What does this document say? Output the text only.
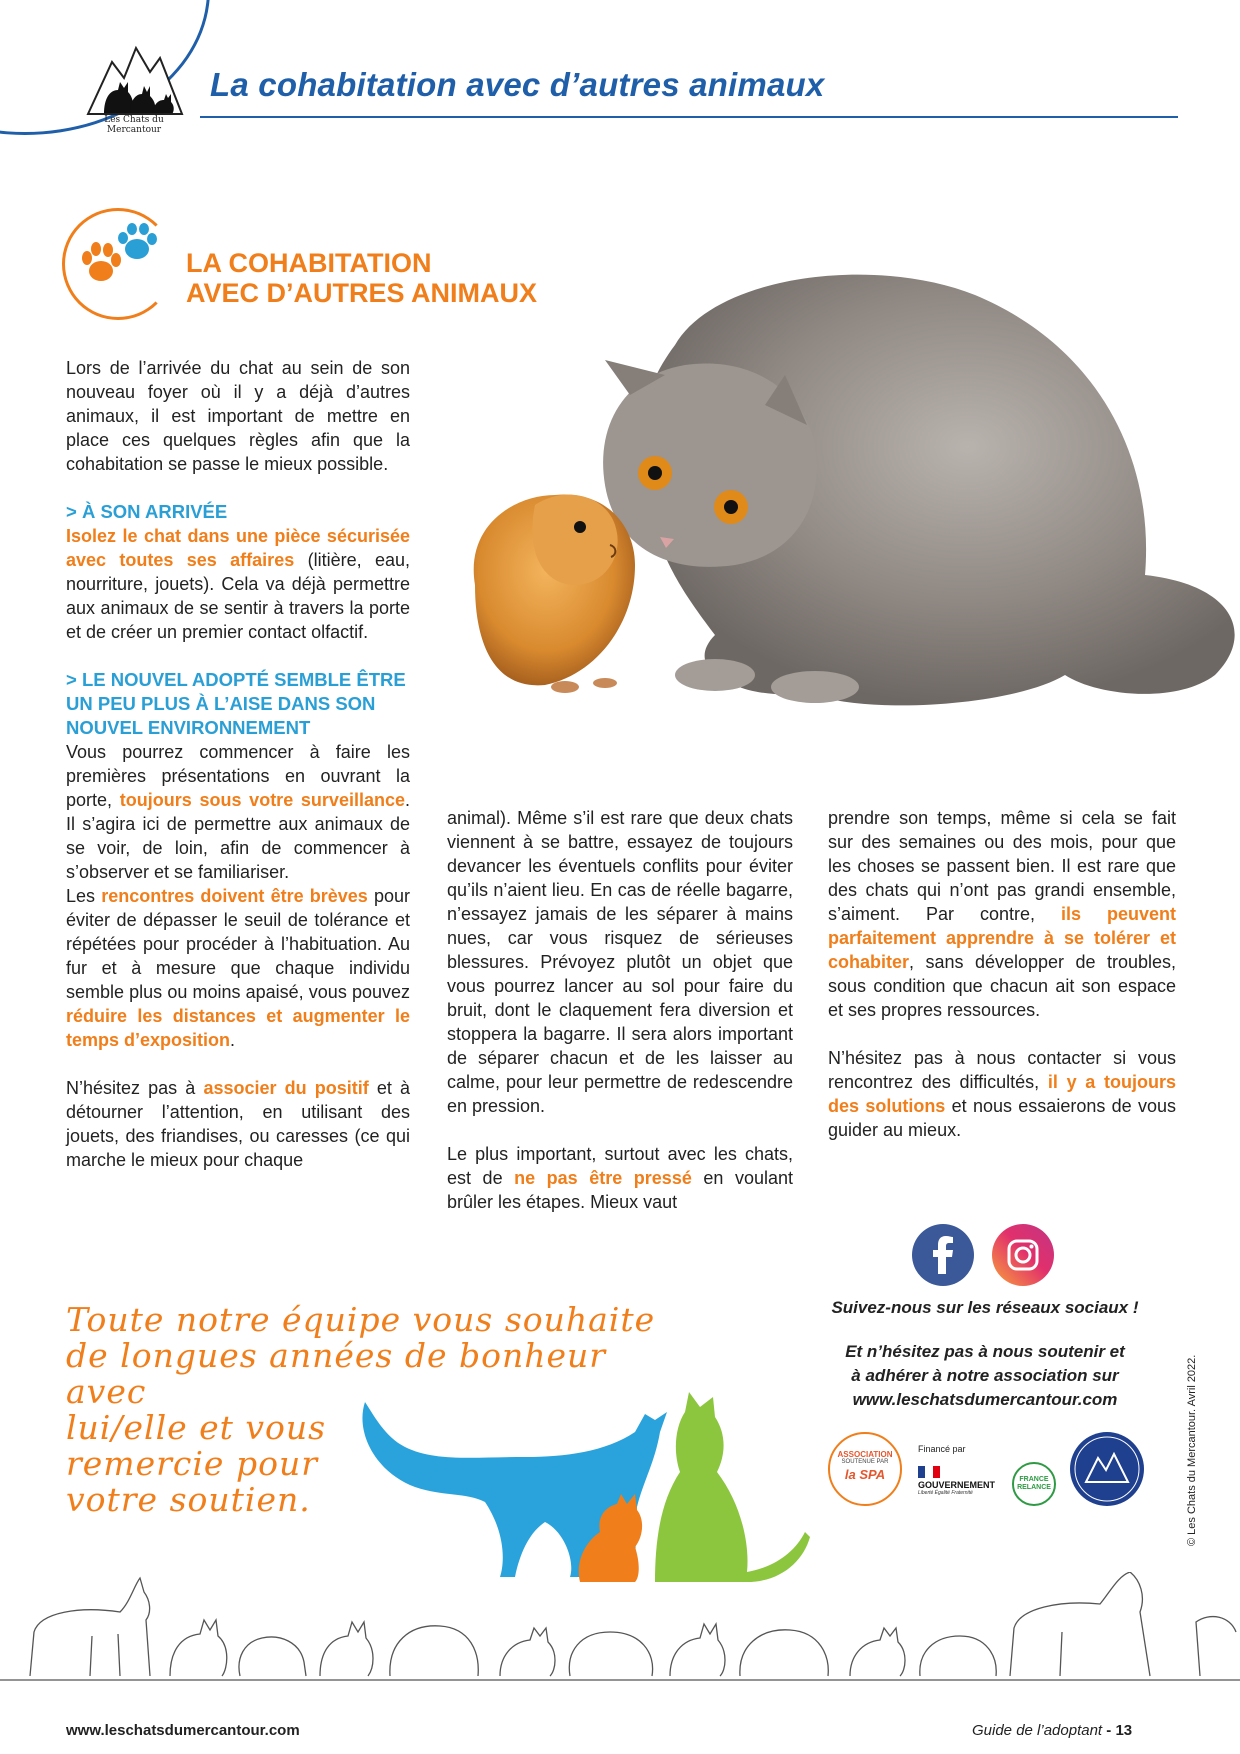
Les Chats du Mercantour
La cohabitation avec d’autres animaux
LA COHABITATION
AVEC D’AUTRES ANIMAUX

Lors de l’arrivée du chat au sein de son nouveau foyer où il y a déjà d’autres animaux, il est important de mettre en place ces quelques règles afin que la cohabitation se passe le mieux possible.

> À SON ARRIVÉE

Isolez le chat dans une pièce sécurisée avec toutes ses affaires (litière, eau, nourriture, jouets). Cela va déjà permettre aux animaux de se sentir à travers la porte et de créer un premier contact olfactif.

> LE NOUVEL ADOPTÉ SEMBLE ÊTRE UN PEU PLUS À L’AISE DANS SON NOUVEL ENVIRONNEMENT

Vous pourrez commencer à faire les premières présentations en ouvrant la porte, toujours sous votre surveillance. Il s’agira ici de permettre aux animaux de se voir, de loin, afin de commencer à s’observer et se familiariser.

Les rencontres doivent être brèves pour éviter de dépasser le seuil de tolérance et répétées pour procéder à l’habituation. Au fur et à mesure que chaque individu semble plus ou moins apaisé, vous pouvez réduire les distances et augmenter le temps d’exposition.

N’hésitez pas à associer du positif et à détourner l’attention, en utilisant des jouets, des friandises, ou caresses (ce qui marche le mieux pour chaque

animal). Même s’il est rare que deux chats viennent à se battre, essayez de toujours devancer les éventuels conflits pour éviter qu’ils n’aient lieu. En cas de réelle bagarre, n’essayez jamais de les séparer à mains nues, car vous risquez de sérieuses blessures. Prévoyez plutôt un objet que vous pourrez lancer au sol pour faire du bruit, dont le claquement fera diversion et stoppera la bagarre. Il sera alors important de séparer chacun et de les laisser au calme, pour leur permettre de redescendre en pression.

Le plus important, surtout avec les chats, est de ne pas être pressé en voulant brûler les étapes. Mieux vaut

prendre son temps, même si cela se fait sur des semaines ou des mois, pour que les choses se passent bien. Il est rare que des chats qui n’ont pas grandi ensemble, s’aiment. Par contre, ils peuvent parfaitement apprendre à se tolérer et cohabiter, sans développer de troubles, sous condition que chacun ait son espace et ses propres ressources.

N’hésitez pas à nous contacter si vous rencontrez des difficultés, il y a toujours des solutions et nous essaierons de vous guider au mieux.

Suivez-nous sur les réseaux sociaux !
Et n’hésitez pas à nous soutenir et
à adhérer à notre association sur
www.leschatsdumercantour.com
ASSOCIATION
SOUTENUE PAR
la SPA
Financé par
GOUVERNEMENT
Liberté Égalité Fraternité
FRANCE RELANCE	© Les Chats du Mercantour. Avril 2022.
Toute notre équipe vous souhaite
de longues années de bonheur avec
lui/elle et vous
remercie pour
votre soutien.
www.leschatsdumercantour.com	Guide de l’adoptant - 13
